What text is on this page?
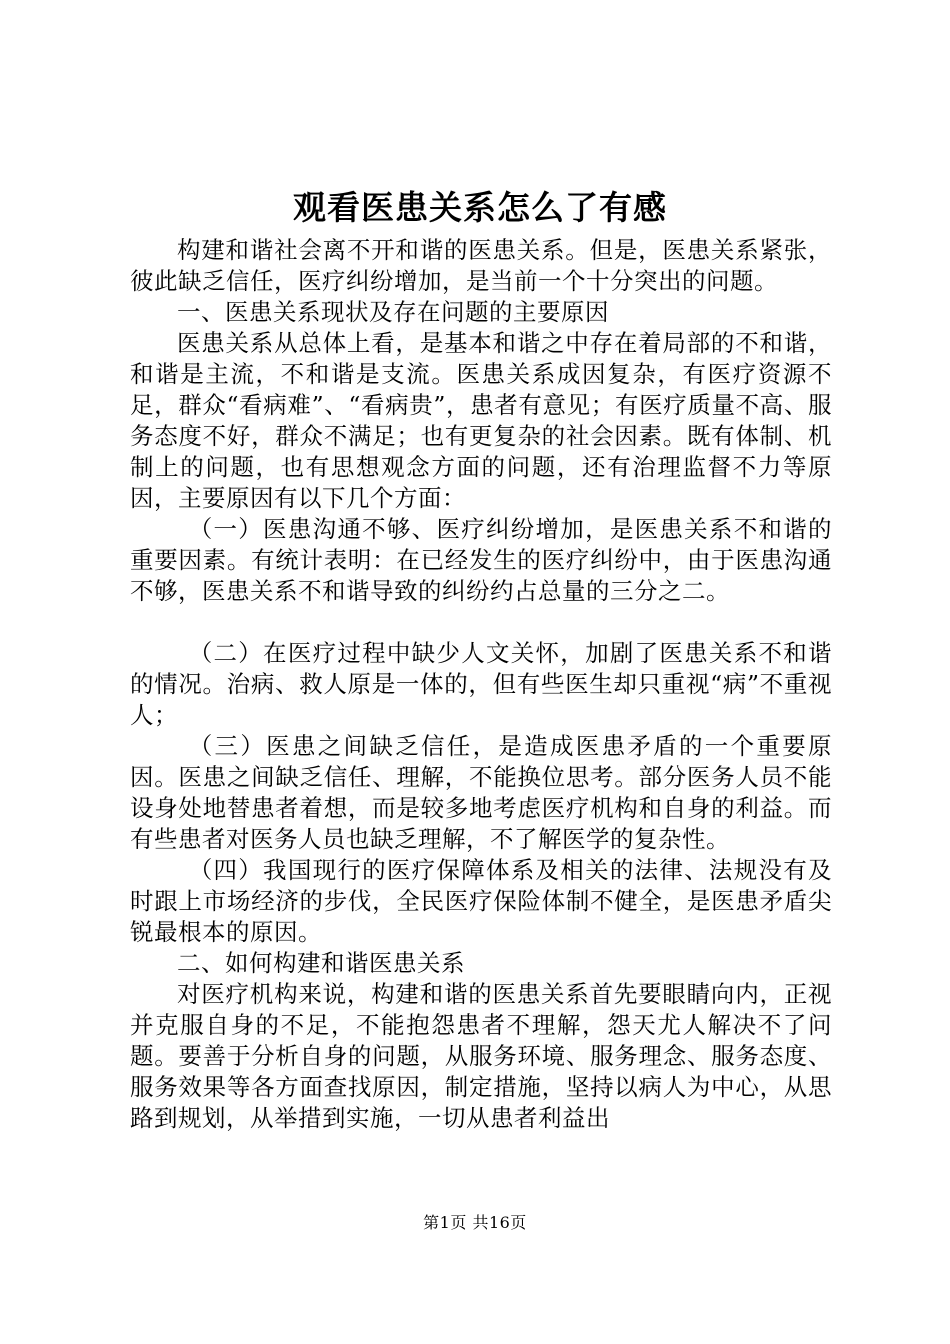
观看医患关系怎么了有感

构建和谐社会离不开和谐的医患关系。但是，医患关系紧张，彼此缺乏信任，医疗纠纷增加，是当前一个十分突出的问题。

一、医患关系现状及存在问题的主要原因

医患关系从总体上看，是基本和谐之中存在着局部的不和谐，和谐是主流，不和谐是支流。医患关系成因复杂，有医疗资源不足，群众“看病难”、“看病贵”，患者有意见；有医疗质量不高、服务态度不好，群众不满足；也有更复杂的社会因素。既有体制、机制上的问题，也有思想观念方面的问题，还有治理监督不力等原因，主要原因有以下几个方面：

（一）医患沟通不够、医疗纠纷增加，是医患关系不和谐的重要因素。有统计表明：在已经发生的医疗纠纷中，由于医患沟通不够，医患关系不和谐导致的纠纷约占总量的三分之二。

（二）在医疗过程中缺少人文关怀，加剧了医患关系不和谐的情况。治病、救人原是一体的，但有些医生却只重视“病”不重视人；

（三）医患之间缺乏信任，是造成医患矛盾的一个重要原因。医患之间缺乏信任、理解，不能换位思考。部分医务人员不能设身处地替患者着想，而是较多地考虑医疗机构和自身的利益。而有些患者对医务人员也缺乏理解，不了解医学的复杂性。

（四）我国现行的医疗保障体系及相关的法律、法规没有及时跟上市场经济的步伐，全民医疗保险体制不健全，是医患矛盾尖锐最根本的原因。

二、如何构建和谐医患关系

对医疗机构来说，构建和谐的医患关系首先要眼睛向内，正视并克服自身的不足，不能抱怨患者不理解，怨天尤人解决不了问题。要善于分析自身的问题，从服务环境、服务理念、服务态度、服务效果等各方面查找原因，制定措施，坚持以病人为中心，从思路到规划，从举措到实施，一切从患者利益出

第1页 共16页
